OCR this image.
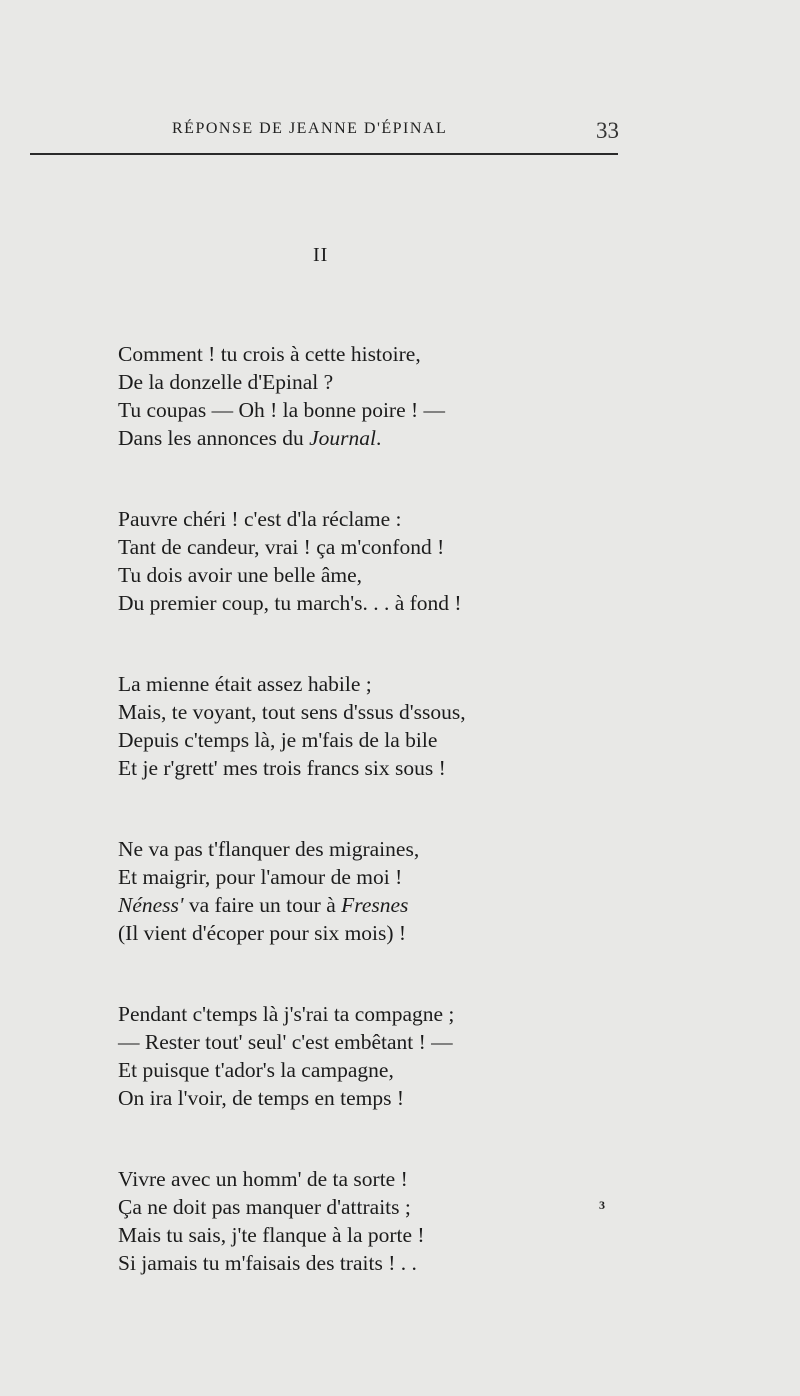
RÉPONSE DE JEANNE D'ÉPINAL	33
II
Comment ! tu crois à cette histoire,
De la donzelle d'Epinal ?
Tu coupas — Oh ! la bonne poire ! —
Dans les annonces du Journal.
Pauvre chéri ! c'est d'la réclame :
Tant de candeur, vrai ! ça m'confond !
Tu dois avoir une belle âme,
Du premier coup, tu march's. . . à fond !
La mienne était assez habile ;
Mais, te voyant, tout sens d'ssus d'ssous,
Depuis c'temps là, je m'fais de la bile
Et je r'grett' mes trois francs six sous !
Ne va pas t'flanquer des migraines,
Et maigrir, pour l'amour de moi !
Néness' va faire un tour à Fresnes
(Il vient d'écoper pour six mois) !
Pendant c'temps là j's'rai ta compagne ;
— Rester tout' seul' c'est embêtant ! —
Et puisque t'ador's la campagne,
On ira l'voir, de temps en temps !
Vivre avec un homm' de ta sorte !
Ça ne doit pas manquer d'attraits ;
Mais tu sais, j'te flanque à la porte !
Si jamais tu m'faisais des traits ! . .
3
